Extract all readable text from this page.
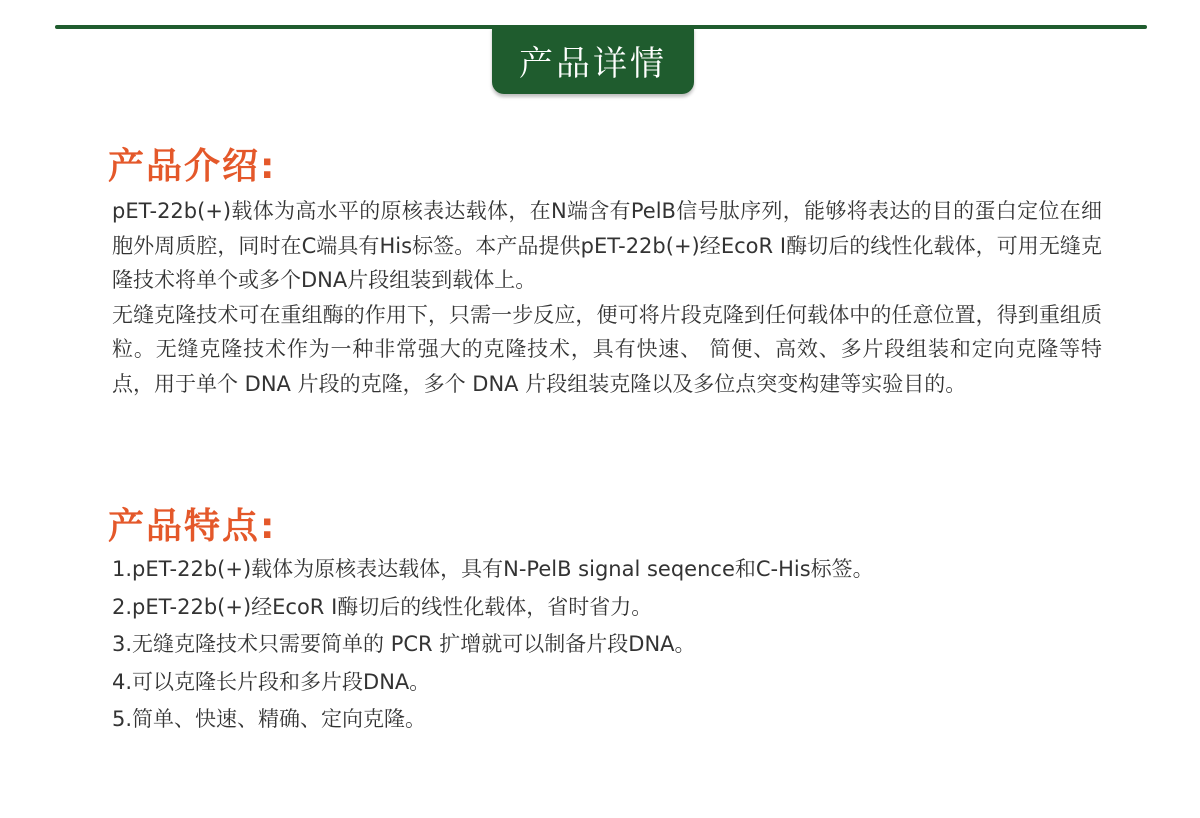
产品详情
产品介绍:

pET-22b(+)载体为高水平的原核表达载体，在N端含有PelB信号肽序列，能够将表达的目的蛋白定位在细胞外周质腔，同时在C端具有His标签。本产品提供pET-22b(+)经EcoR Ⅰ酶切后的线性化载体，可用无缝克隆技术将单个或多个DNA片段组装到载体上。

无缝克隆技术可在重组酶的作用下，只需一步反应，便可将片段克隆到任何载体中的任意位置，得到重组质粒。无缝克隆技术作为一种非常强大的克隆技术，具有快速、 简便、高效、多片段组装和定向克隆等特点，用于单个 DNA 片段的克隆，多个 DNA 片段组装克隆以及多位点突变构建等实验目的。

产品特点:
1.pET-22b(+)载体为原核表达载体，具有N-PelB signal seqence和C-His标签。
2.pET-22b(+)经EcoR Ⅰ酶切后的线性化载体，省时省力。
3.无缝克隆技术只需要简单的 PCR 扩增就可以制备片段DNA。
4.可以克隆长片段和多片段DNA。
5.简单、快速、精确、定向克隆。
